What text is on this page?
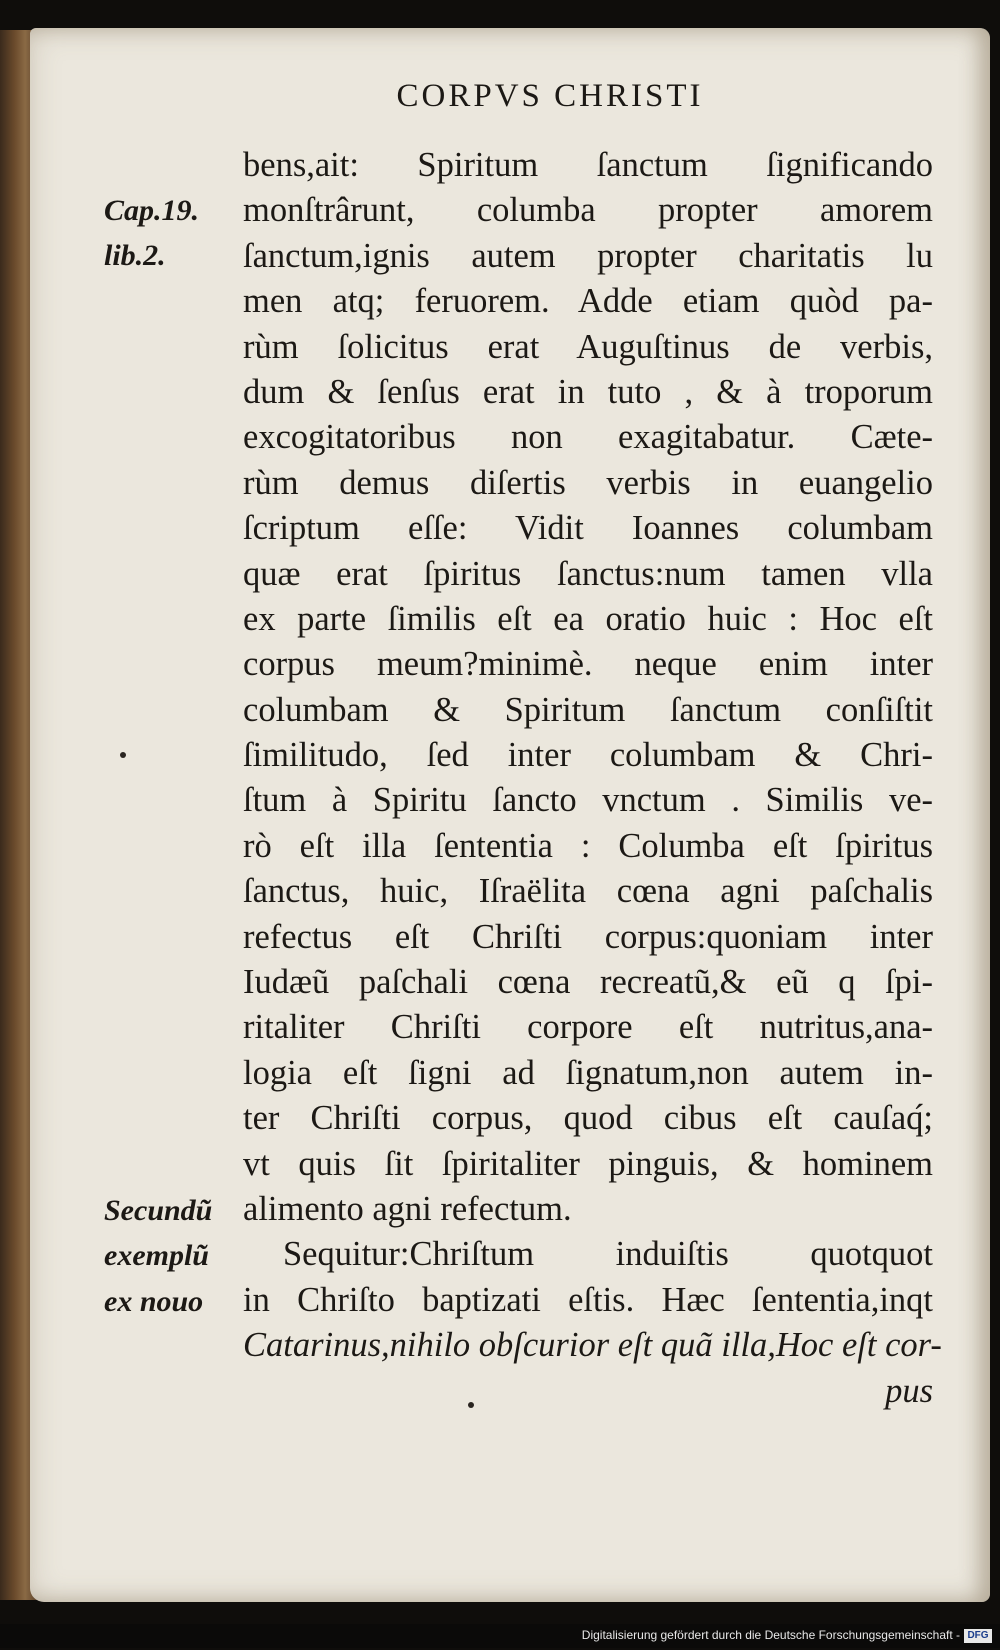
CORPVS CHRISTI
Cap.19.
lib.2.
Secundũ
exemplũ
ex nouo
bens,ait: Spiritum ſanctum ſignificando
monſtrârunt, columba propter amorem
ſanctum,ignis autem propter charitatis lu
men atq; feruorem. Adde etiam quòd pa-
rùm ſolicitus erat Auguſtinus de verbis,
dum & ſenſus erat in tuto , & à troporum
excogitatoribus non exagitabatur. Cæte-
rùm demus diſertis verbis in euangelio
ſcriptum eſſe: Vidit Ioannes columbam
quæ erat ſpiritus ſanctus:num tamen vlla
ex parte ſimilis eſt ea oratio huic : Hoc eſt
corpus meum?minimè. neque enim inter
columbam & Spiritum ſanctum conſiſtit
ſimilitudo, ſed inter columbam & Chri-
ſtum à Spiritu ſancto vnctum . Similis ve-
rò eſt illa ſententia : Columba eſt ſpiritus
ſanctus, huic, Iſraëlita cœna agni paſchalis
refectus eſt Chriſti corpus:quoniam inter
Iudæũ paſchali cœna recreatũ,& eũ q ſpi-
ritaliter Chriſti corpore eſt nutritus,ana-
logia eſt ſigni ad ſignatum,non autem in-
ter Chriſti corpus, quod cibus eſt cauſaq́;
vt quis ſit ſpiritaliter pinguis, & hominem
alimento agni refectum.
Sequitur:Chriſtum induiſtis quotquot
in Chriſto baptizati eſtis. Hæc ſententia,inqt
Catarinus,nihilo obſcurior eſt quã illa,Hoc eſt cor-
pus
Digitalisierung gefördert durch die Deutsche Forschungsgemeinschaft - DFG
